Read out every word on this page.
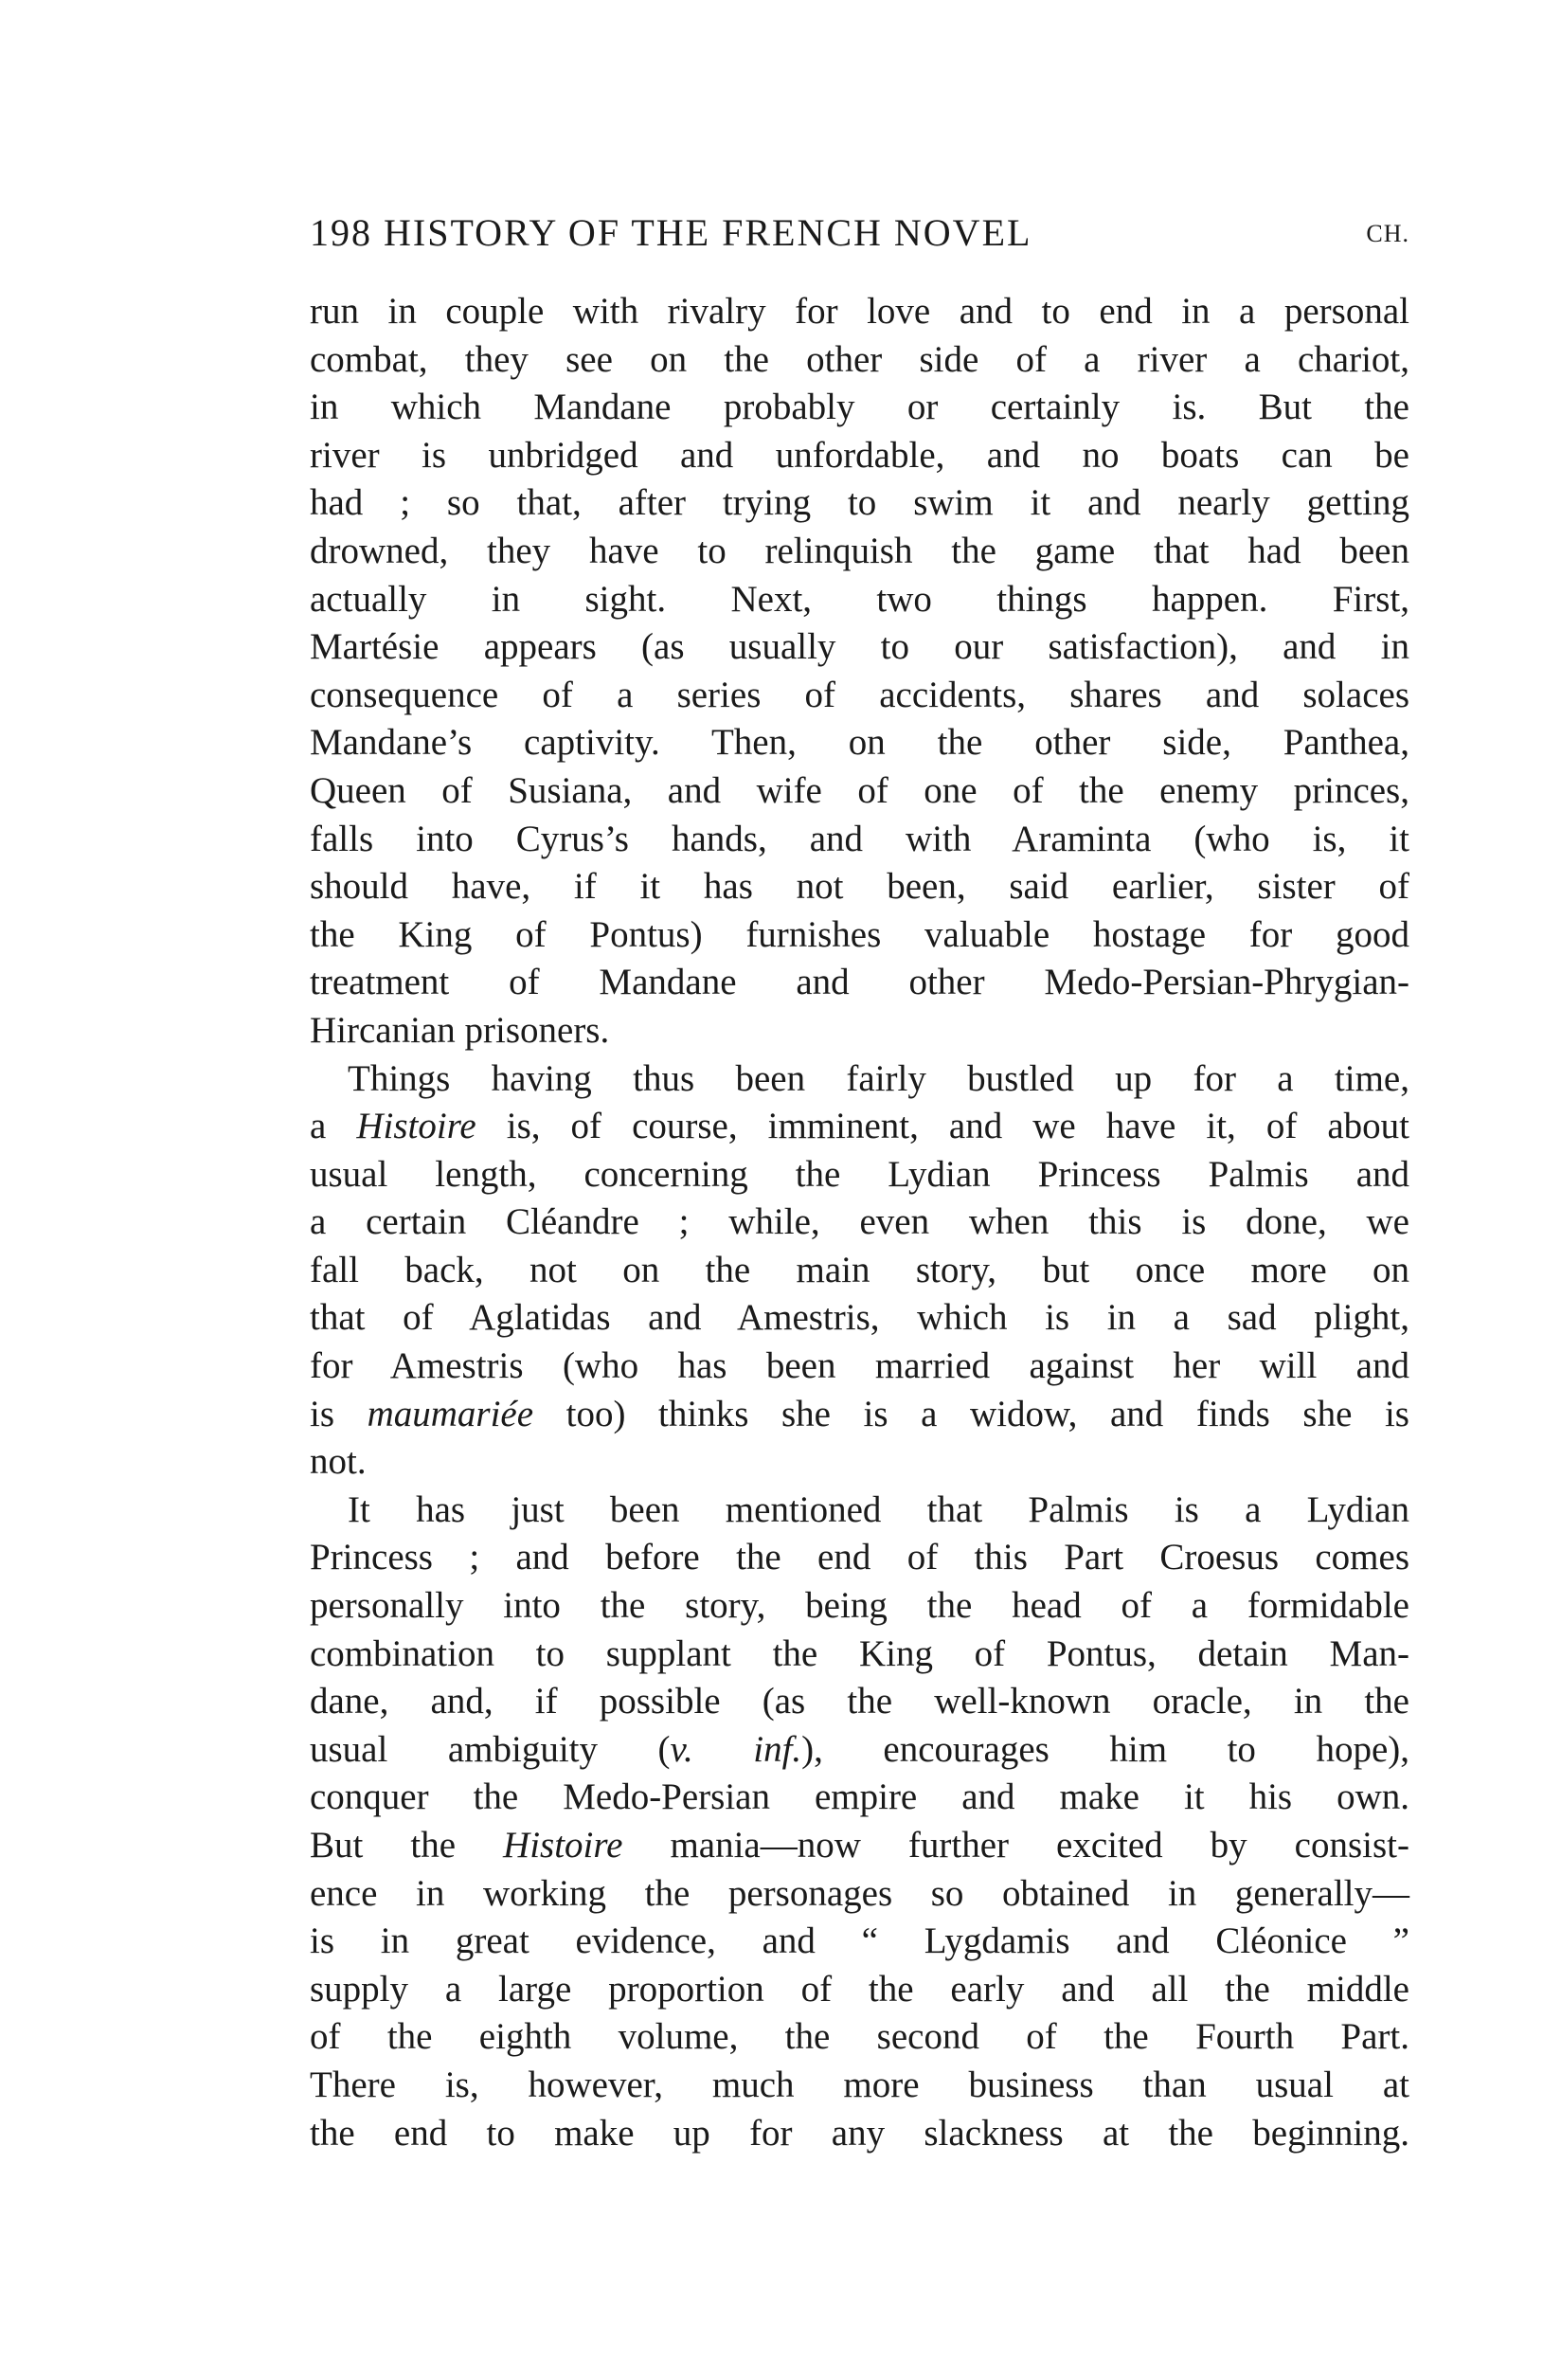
198 HISTORY OF THE FRENCH NOVEL	CH.
run in couple with rivalry for love and to end in a personal
combat, they see on the other side of a river a chariot,
in which Mandane probably or certainly is. But the
river is unbridged and unfordable, and no boats can be
had ; so that, after trying to swim it and nearly getting
drowned, they have to relinquish the game that had been
actually in sight. Next, two things happen. First,
Martésie appears (as usually to our satisfaction), and in
consequence of a series of accidents, shares and solaces
Mandane’s captivity. Then, on the other side, Panthea,
Queen of Susiana, and wife of one of the enemy princes,
falls into Cyrus’s hands, and with Araminta (who is, it
should have, if it has not been, said earlier, sister of
the King of Pontus) furnishes valuable hostage for good
treatment of Mandane and other Medo-Persian-Phrygian-
Hircanian prisoners.
Things having thus been fairly bustled up for a time,
a Histoire is, of course, imminent, and we have it, of about
usual length, concerning the Lydian Princess Palmis and
a certain Cléandre ; while, even when this is done, we
fall back, not on the main story, but once more on
that of Aglatidas and Amestris, which is in a sad plight,
for Amestris (who has been married against her will and
is maumariée too) thinks she is a widow, and finds she is
not.
It has just been mentioned that Palmis is a Lydian
Princess ; and before the end of this Part Croesus comes
personally into the story, being the head of a formidable
combination to supplant the King of Pontus, detain Man-
dane, and, if possible (as the well-known oracle, in the
usual ambiguity (v. inf.), encourages him to hope),
conquer the Medo-Persian empire and make it his own.
But the Histoire mania—now further excited by consist-
ence in working the personages so obtained in generally—
is in great evidence, and “ Lygdamis and Cléonice ”
supply a large proportion of the early and all the middle
of the eighth volume, the second of the Fourth Part.
There is, however, much more business than usual at
the end to make up for any slackness at the beginning.
